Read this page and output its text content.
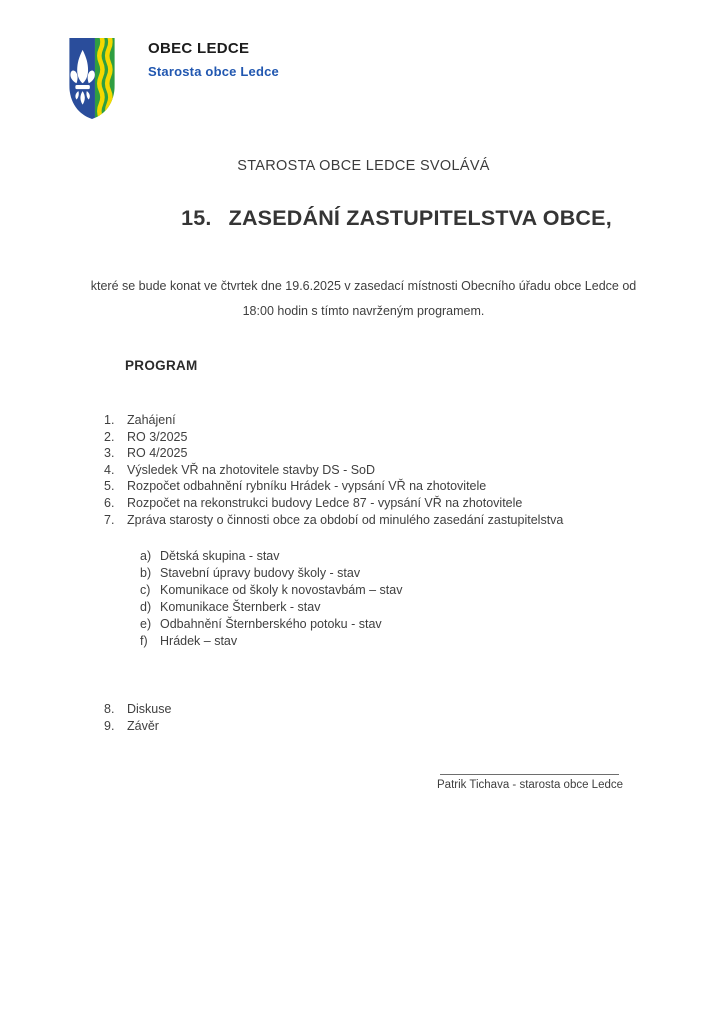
OBEC LEDCE
Starosta obce Ledce
STAROSTA OBCE LEDCE SVOLÁVÁ
15. ZASEDÁNÍ ZASTUPITELSTVA OBCE,
které se bude konat ve čtvrtek dne 19.6.2025 v zasedací místnosti Obecního úřadu obce Ledce od
18:00 hodin s tímto navrženým programem.
PROGRAM
1.	Zahájení
2.	RO 3/2025
3.	RO 4/2025
4.	Výsledek VŘ na zhotovitele stavby DS - SoD
5.	Rozpočet odbahnění rybníku Hrádek - vypsání VŘ na zhotovitele
6.	Rozpočet na rekonstrukci budovy Ledce 87 - vypsání VŘ na zhotovitele
7.	Zpráva starosty o činnosti obce za období od minulého zasedání zastupitelstva
a) Dětská skupina - stav
b) Stavební úpravy budovy školy - stav
c) Komunikace od školy k novostavbám – stav
d) Komunikace Šternberk - stav
e) Odbahnění Šternberského potoku - stav
f) Hrádek – stav
8.	Diskuse
9.	Závěr
Patrik Tichava - starosta obce Ledce
